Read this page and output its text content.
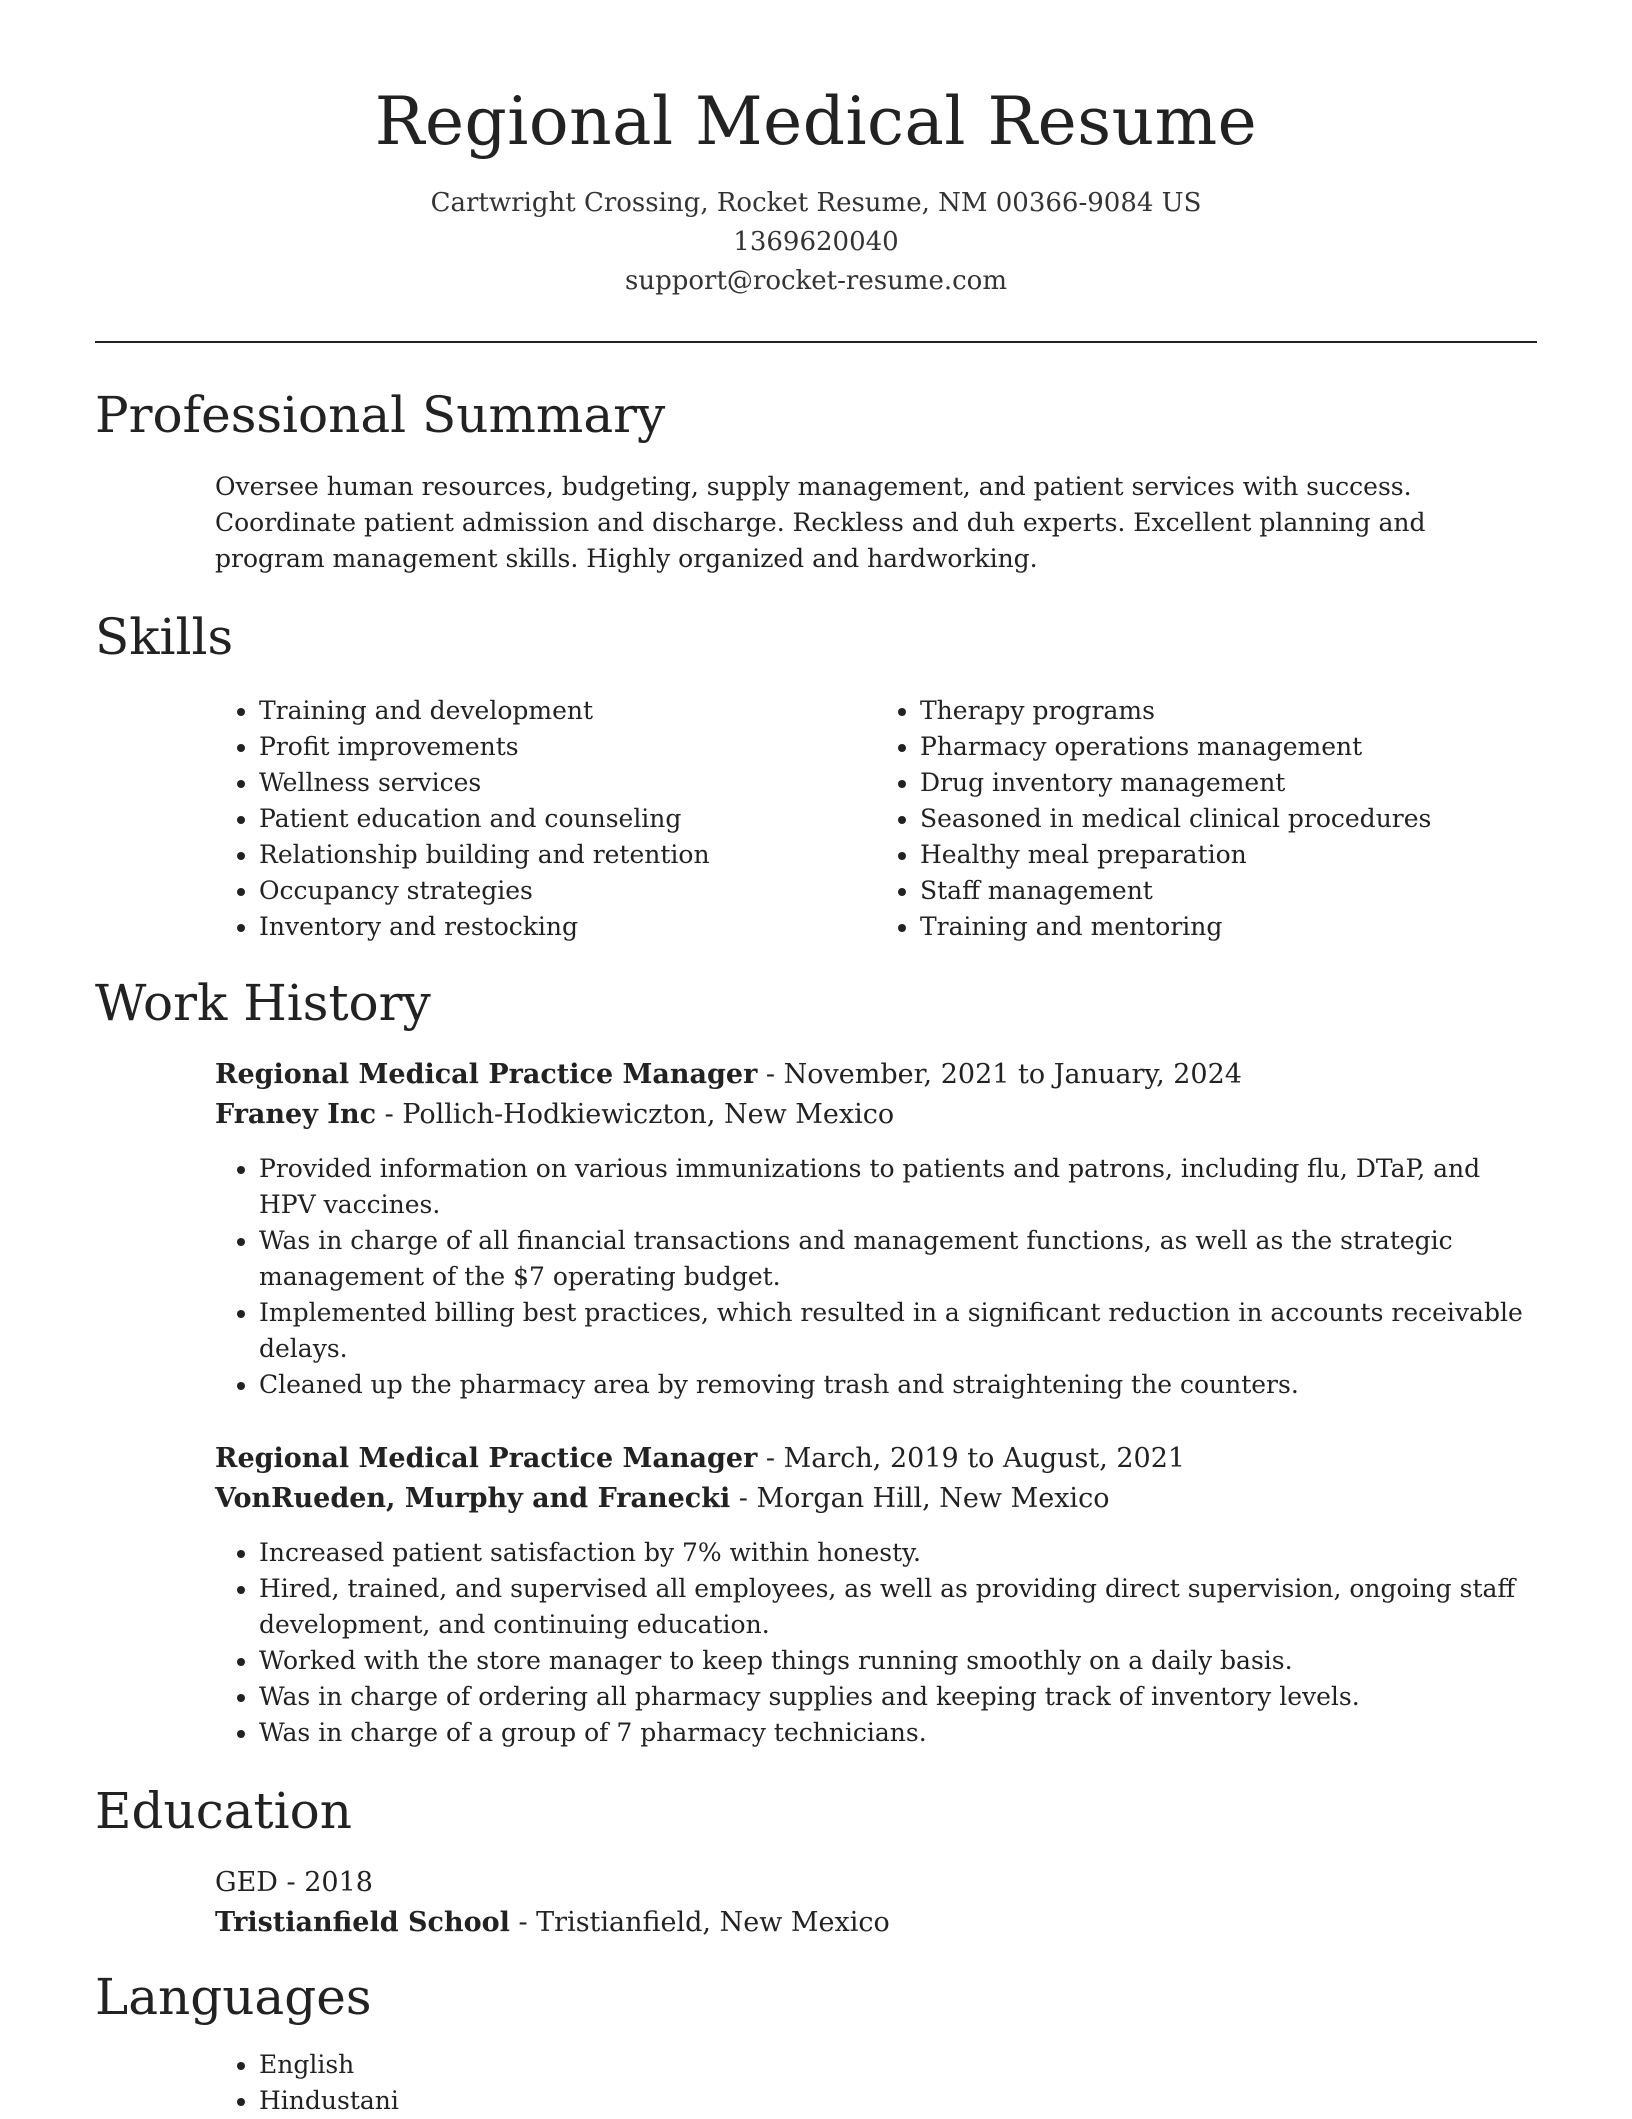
Regional Medical Resume
Cartwright Crossing, Rocket Resume, NM 00366-9084 US
1369620040
support@rocket-resume.com
Professional Summary

Oversee human resources, budgeting, supply management, and patient services with success. Coordinate patient admission and discharge. Reckless and duh experts. Excellent planning and program management skills. Highly organized and hardworking.

Skills
• Training and development
• Profit improvements
• Wellness services
• Patient education and counseling
• Relationship building and retention
• Occupancy strategies
• Inventory and restocking
• Therapy programs
• Pharmacy operations management
• Drug inventory management
• Seasoned in medical clinical procedures
• Healthy meal preparation
• Staff management
• Training and mentoring
Work History
Regional Medical Practice Manager - November, 2021 to January, 2024
Franey Inc - Pollich-Hodkiewiczton, New Mexico
• Provided information on various immunizations to patients and patrons, including flu, DTaP, and HPV vaccines.
• Was in charge of all financial transactions and management functions, as well as the strategic management of the $7 operating budget.
• Implemented billing best practices, which resulted in a significant reduction in accounts receivable delays.
• Cleaned up the pharmacy area by removing trash and straightening the counters.
Regional Medical Practice Manager - March, 2019 to August, 2021
VonRueden, Murphy and Franecki - Morgan Hill, New Mexico
• Increased patient satisfaction by 7% within honesty.
• Hired, trained, and supervised all employees, as well as providing direct supervision, ongoing staff development, and continuing education.
• Worked with the store manager to keep things running smoothly on a daily basis.
• Was in charge of ordering all pharmacy supplies and keeping track of inventory levels.
• Was in charge of a group of 7 pharmacy technicians.
Education
GED - 2018
Tristianfield School - Tristianfield, New Mexico
Languages
• English
• Hindustani
